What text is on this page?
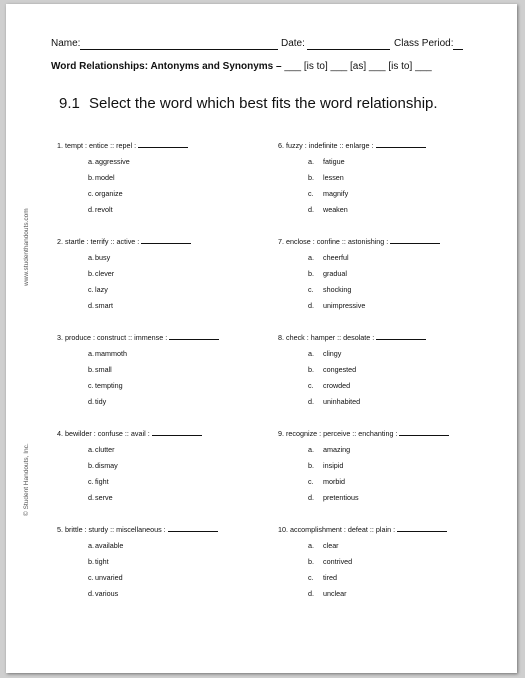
Name:	Date:	Class Period:
Word Relationships: Antonyms and Synonyms – ___ [is to] ___ [as] ___ [is to] ___
9.1 Select the word which best fits the word relationship.
www.studenthandouts.com
© Student Handouts, Inc.
1. tempt : entice :: repel :
a. aggressive
b. model
c. organize
d. revolt
2. startle : terrify :: active :
a. busy
b. clever
c. lazy
d. smart
3. produce : construct :: immense :
a. mammoth
b. small
c. tempting
d. tidy
4. bewilder : confuse :: avail :
a. clutter
b. dismay
c. fight
d. serve
5. brittle : sturdy :: miscellaneous :
a. available
b. tight
c. unvaried
d. various
6. fuzzy : indefinite :: enlarge :
a. fatigue
b. lessen
c. magnify
d. weaken
7. enclose : confine :: astonishing :
a. cheerful
b. gradual
c. shocking
d. unimpressive
8. check : hamper :: desolate :
a. clingy
b. congested
c. crowded
d. uninhabited
9. recognize : perceive :: enchanting :
a. amazing
b. insipid
c. morbid
d. pretentious
10. accomplishment : defeat :: plain :
a. clear
b. contrived
c. tired
d. unclear
